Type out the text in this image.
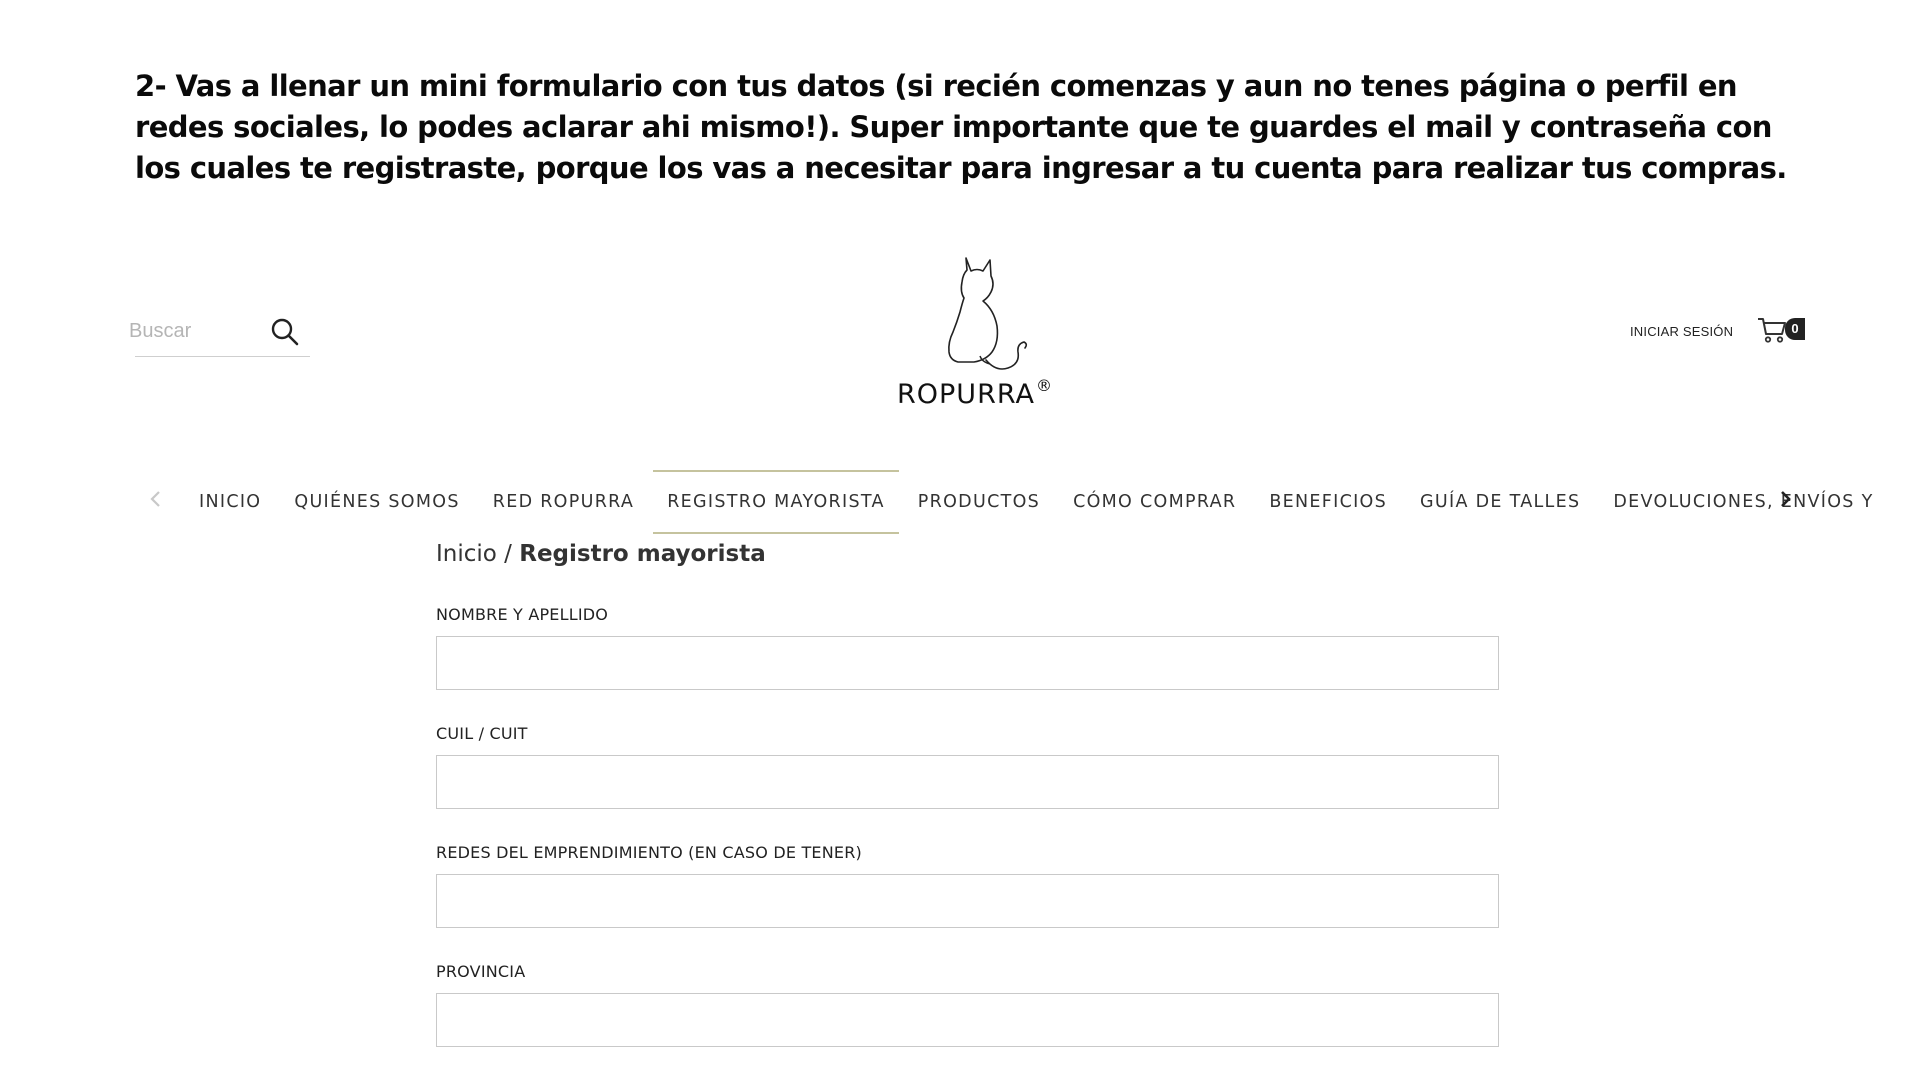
2- Vas a llenar un mini formulario con tus datos (si recién comenzas y aun no tenes página o perfil en redes sociales, lo podes aclarar ahi mismo!). Super importante que te guardes el mail y contraseña con los cuales te registraste, porque los vas a necesitar para ingresar a tu cuenta para realizar tus compras.

Buscar
ROPURRA®
INICIAR SESIÓN	0
INICIO	QUIÉNES SOMOS	RED ROPURRA	REGISTRO MAYORISTA	PRODUCTOS	CÓMO COMPRAR	BENEFICIOS	GUÍA DE TALLES	DEVOLUCIONES, ENVÍOS Y
Inicio / Registro mayorista
NOMBRE Y APELLIDO
CUIL / CUIT
REDES DEL EMPRENDIMIENTO (EN CASO DE TENER)
PROVINCIA
